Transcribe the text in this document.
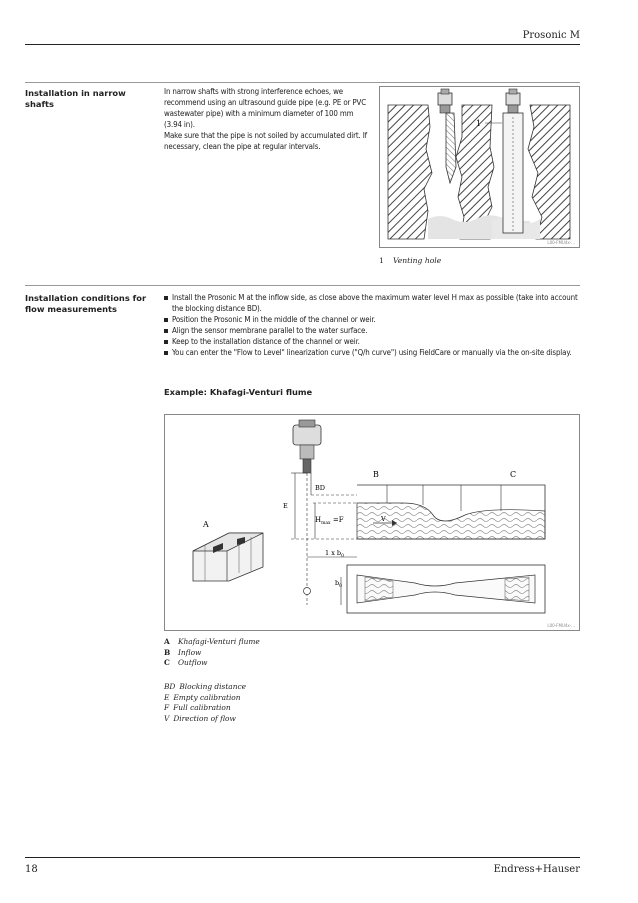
Prosonic M
Installation in narrow shafts

In narrow shafts with strong interference echoes, we recommend using an ultrasound guide pipe (e.g. PE or PVC wastewater pipe) with a minimum diameter of 100 mm (3.94 in).

Make sure that the pipe is not soiled by accumulated dirt. If necessary, clean the pipe at regular intervals.

1
L00-FMU4x-...
1 Venting hole
Installation conditions for flow measurements
Install the Prosonic M at the inflow side, as close above the maximum water level H max as possible (take into account the blocking distance BD).
Position the Prosonic M in the middle of the channel or weir.
Align the sensor membrane parallel to the water surface.
Keep to the installation distance of the channel or weir.
You can enter the "Flow to Level" linearization curve ("Q/h curve") using FieldCare or manually via the on-site display.
Example: Khafagi-Venturi flume
B	C
BD
E
$H_{max} =F$	V
1 x $b_0$
$b_0$
A
L00-FMU4x-...
A Khafagi-Venturi flume
B Inflow
C Outflow
BD Blocking distance
E Empty calibration
F Full calibration
V Direction of flow
18	Endress+Hauser
